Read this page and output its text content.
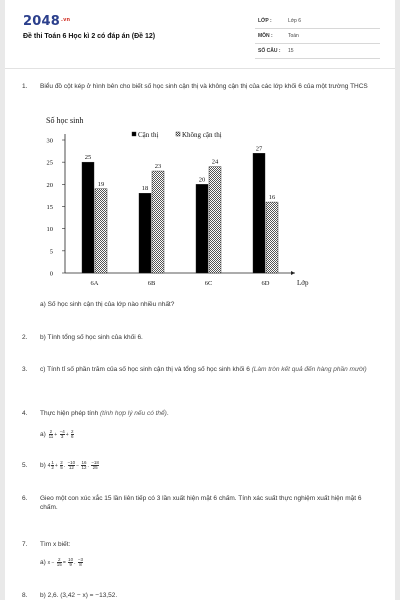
$2048^{.vn}$
Đề thi Toán 6 Học kì 2 có đáp án (Đề 12)
LỚP :	Lớp 6
MÔN :	Toán
SỐ CÂU : 15
1. Biểu đồ cột kép ở hình bên cho biết số học sinh cận thị và không cận thị của các lớp khối 6 của một trường THCS
Số học sinh
Lớp
0
5
10
15
20
25
30
Cận thị	Không cận thị
25
19
6A
18
23
6B
20
24
6C
27
16
6D
a) Số học sinh cận thị của lớp nào nhiều nhất?
2. b) Tính tổng số học sinh của khối 6.
3. c) Tính tỉ số phần trăm của số học sinh cận thị và tổng số học sinh khối 6 (Làm tròn kết quả đến hàng phần mười)
4. Thực hiện phép tính (tính hợp lý nếu có thể).
$a) \frac{2}{11} + \frac{-4}{3} + \frac{2}{6}$
5. b) $4 \frac{1}{2} + \frac{2}{5}$ . $\frac{-10}{12} - \frac{16}{12}$ . $\frac{-18}{25}$
6. Gieo một con xúc xắc 15 lần liên tiếp có 3 lần xuất hiện mặt 6 chấm. Tính xác suất thực nghiệm xuất hiện mặt 6 chấm.
7. Tìm x biết:
a) $x - \frac{2}{15} = \frac{10}{9}$ . $\frac{-3}{8}$
8. b) 2,6. (3,42 − x) = −13,52.
